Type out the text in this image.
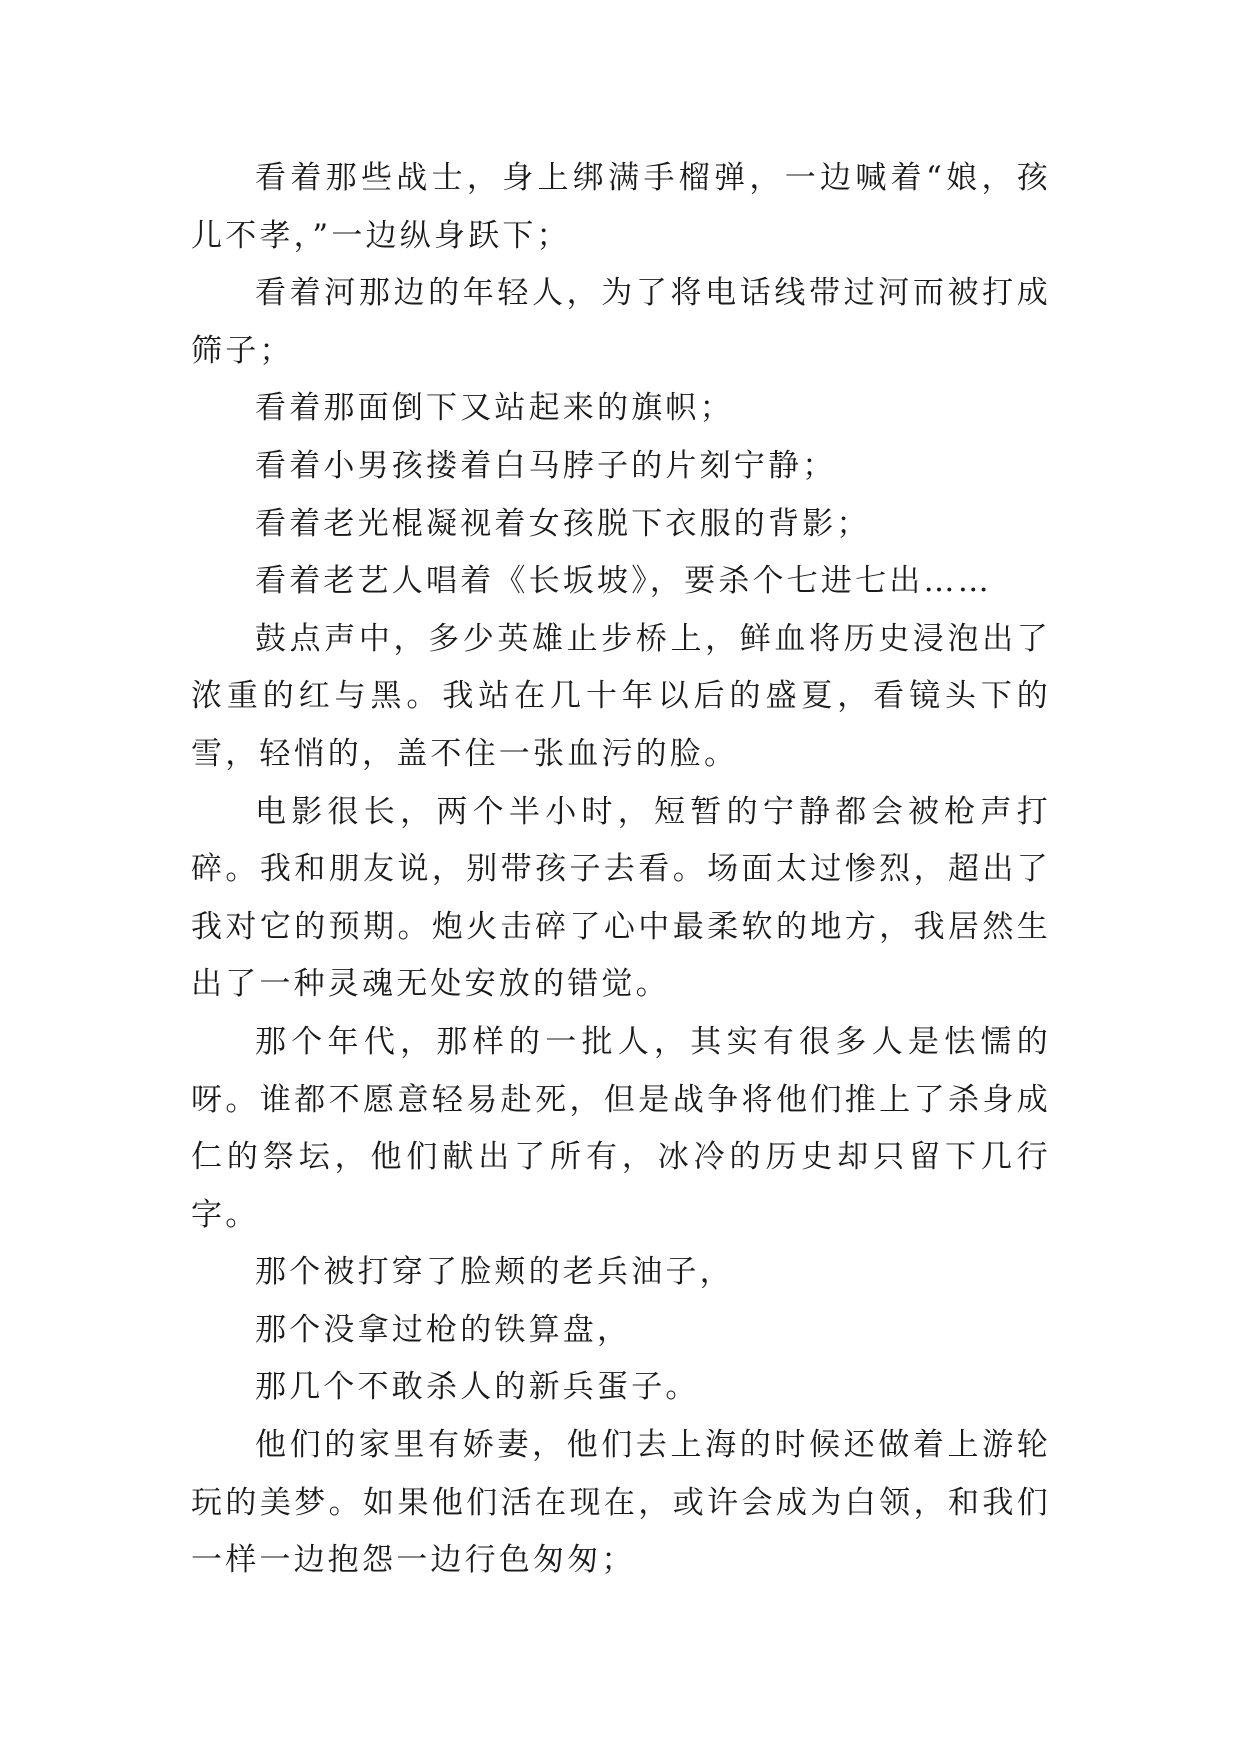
看着那些战士，身上绑满手榴弹，一边喊着“娘，孩儿不孝，”一边纵身跃下；

看着河那边的年轻人，为了将电话线带过河而被打成筛子；

看着那面倒下又站起来的旗帜；

看着小男孩搂着白马脖子的片刻宁静；

看着老光棍凝视着女孩脱下衣服的背影；

看着老艺人唱着《长坂坡》，要杀个七进七出……

鼓点声中，多少英雄止步桥上，鲜血将历史浸泡出了浓重的红与黑。我站在几十年以后的盛夏，看镜头下的雪，轻悄的，盖不住一张血污的脸。

电影很长，两个半小时，短暂的宁静都会被枪声打碎。我和朋友说，别带孩子去看。场面太过惨烈，超出了我对它的预期。炮火击碎了心中最柔软的地方，我居然生出了一种灵魂无处安放的错觉。

那个年代，那样的一批人，其实有很多人是怯懦的呀。谁都不愿意轻易赴死，但是战争将他们推上了杀身成仁的祭坛，他们献出了所有，冰冷的历史却只留下几行字。

那个被打穿了脸颊的老兵油子，

那个没拿过枪的铁算盘，

那几个不敢杀人的新兵蛋子。

他们的家里有娇妻，他们去上海的时候还做着上游轮玩的美梦。如果他们活在现在，或许会成为白领，和我们一样一边抱怨一边行色匆匆；
